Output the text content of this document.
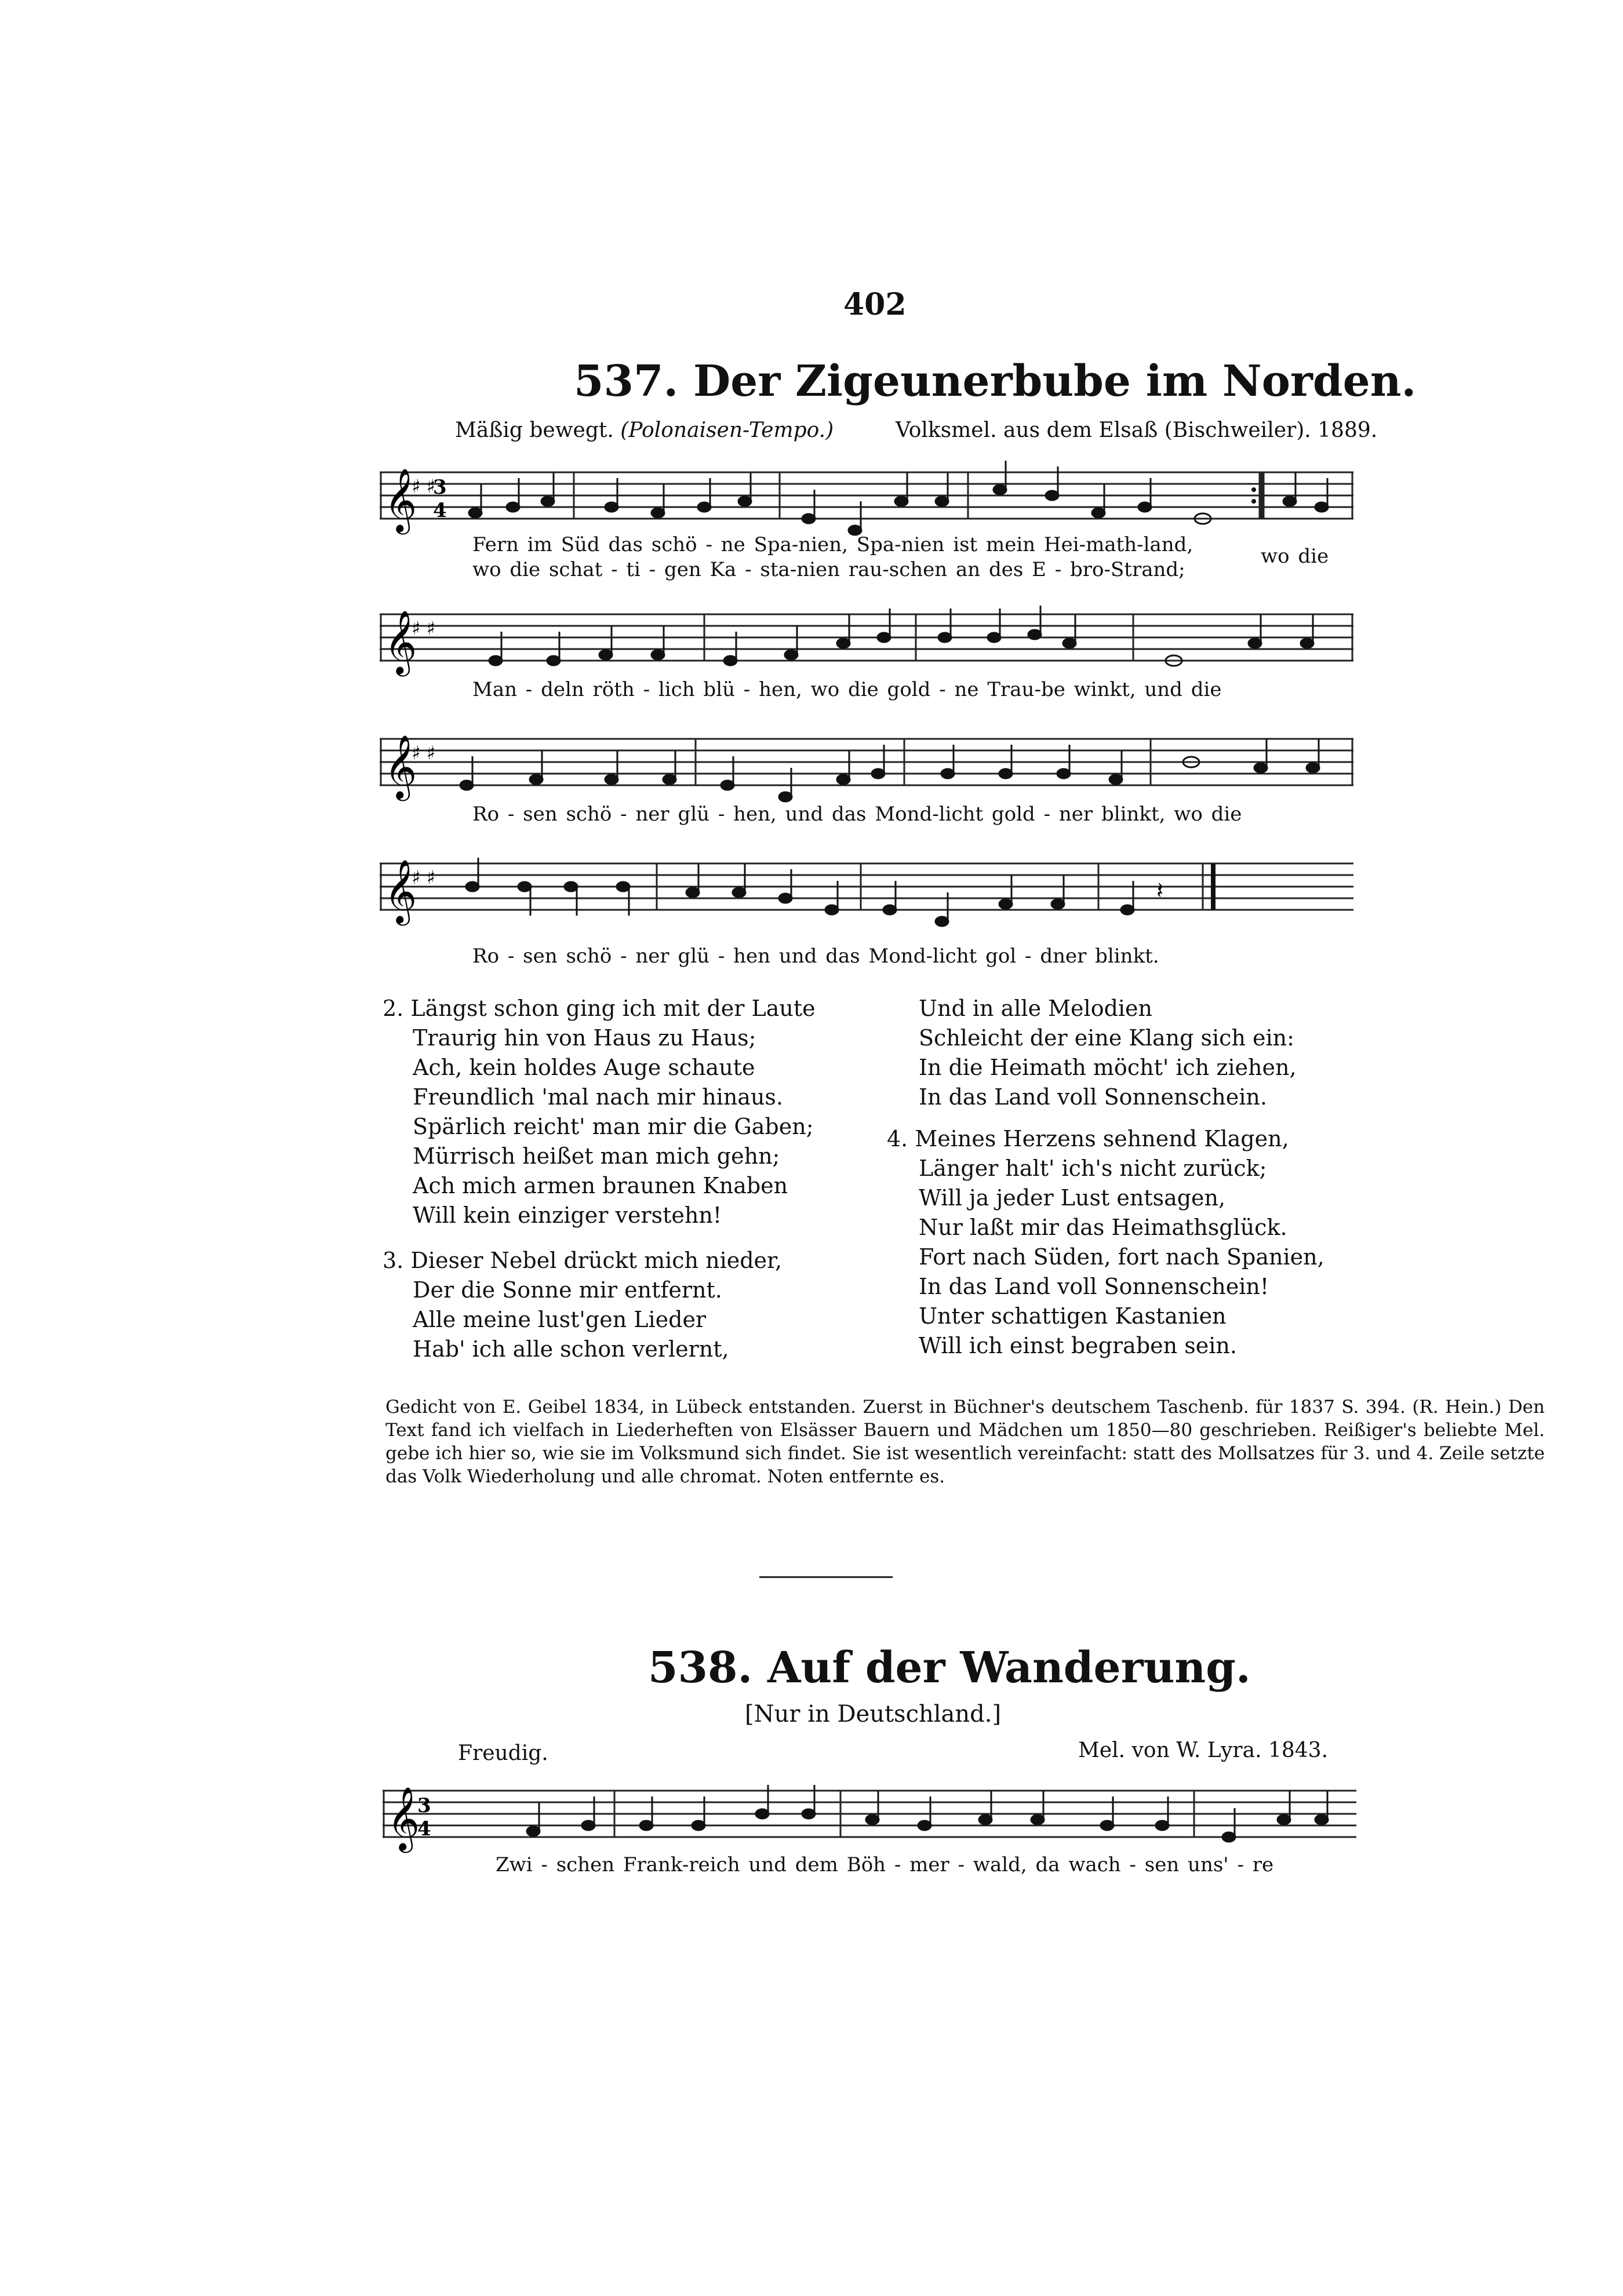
402
537. Der Zigeunerbube im Norden.
Mäßig bewegt. (Polonaisen-Tempo.)	Volksmel. aus dem Elsaß (Bischweiler). 1889.
𝄞
♯ ♯
3
4
Fern im Süd das schö - ne Spa-nien, Spa-nien ist mein Hei-math-land,
wo die schat - ti - gen Ka - sta-nien rau-schen an des E - bro-Strand;
wo die
𝄞
♯ ♯
Man - deln röth - lich blü - hen, wo die gold - ne Trau-be winkt, und die
𝄞
♯ ♯
Ro - sen schö - ner glü - hen, und das Mond-licht gold - ner blinkt, wo die
𝄞
♯ ♯	𝄽
Ro - sen schö - ner glü - hen und das Mond-licht gol - dner blinkt.
2. Längst schon ging ich mit der Laute
Traurig hin von Haus zu Haus;
Ach, kein holdes Auge schaute
Freundlich 'mal nach mir hinaus.
Spärlich reicht' man mir die Gaben;
Mürrisch heißet man mich gehn;
Ach mich armen braunen Knaben
Will kein einziger verstehn!
3. Dieser Nebel drückt mich nieder,
Der die Sonne mir entfernt.
Alle meine lust'gen Lieder
Hab' ich alle schon verlernt,
Und in alle Melodien
Schleicht der eine Klang sich ein:
In die Heimath möcht' ich ziehen,
In das Land voll Sonnenschein.
4. Meines Herzens sehnend Klagen,
Länger halt' ich's nicht zurück;
Will ja jeder Lust entsagen,
Nur laßt mir das Heimathsglück.
Fort nach Süden, fort nach Spanien,
In das Land voll Sonnenschein!
Unter schattigen Kastanien
Will ich einst begraben sein.
Gedicht von E. Geibel 1834, in Lübeck entstanden. Zuerst in Büchner's deutschem Taschenb. für 1837 S. 394. (R. Hein.) Den Text fand ich vielfach in Liederheften von Elsässer Bauern und Mädchen um 1850—80 geschrieben. Reißiger's beliebte Mel. gebe ich hier so, wie sie im Volksmund sich findet. Sie ist wesentlich vereinfacht: statt des Mollsatzes für 3. und 4. Zeile setzte das Volk Wiederholung und alle chromat. Noten entfernte es.
538. Auf der Wanderung.
[Nur in Deutschland.]
Freudig.	Mel. von W. Lyra. 1843.
𝄞
3
4
Zwi - schen Frank-reich und dem Böh - mer - wald, da wach - sen uns' - re
